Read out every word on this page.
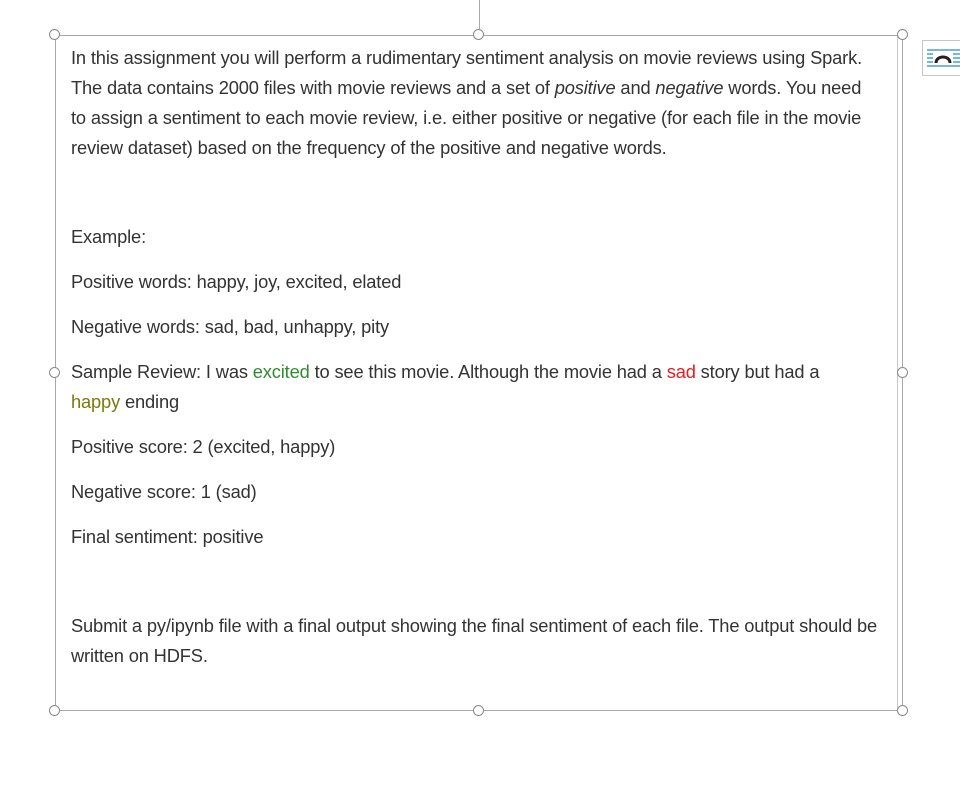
In this assignment you will perform a rudimentary sentiment analysis on movie reviews using Spark. The data contains 2000 files with movie reviews and a set of positive and negative words. You need to assign a sentiment to each movie review, i.e. either positive or negative (for each file in the movie review dataset) based on the frequency of the positive and negative words.

Example:

Positive words: happy, joy, excited, elated

Negative words: sad, bad, unhappy, pity

Sample Review: I was excited to see this movie. Although the movie had a sad story but had a
happy ending

Positive score: 2 (excited, happy)

Negative score: 1 (sad)

Final sentiment: positive

Submit a py/ipynb file with a final output showing the final sentiment of each file. The output should be written on HDFS.
